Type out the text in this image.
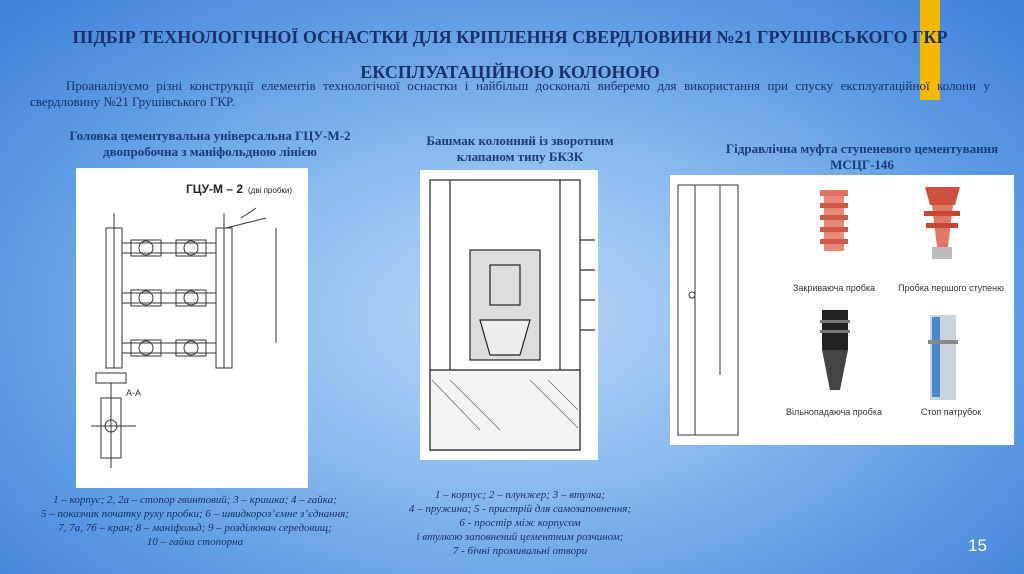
ПІДБІР ТЕХНОЛОГІЧНОЇ ОСНАСТКИ ДЛЯ КРІПЛЕННЯ СВЕРДЛОВИНИ №21 ГРУШІВСЬКОГО ГКР
ЕКСПЛУАТАЦІЙНОЮ КОЛОНОЮ

Проаналізуємо різні конструкції елементів технологічної оснастки і найбільш досконалі виберемо для використання при спуску експлуатаційної колони у свердловину №21 Грушівського ГКР.

Головка цементувальна універсальна ГЦУ-М-2
двопробочна з маніфольдною лінією
ГЦУ-М – 2 (дві пробки)
А-А
1 – корпус; 2, 2а – стопор гвинтовий; 3 – кришка; 4 – гайка;
5 – показчик початку руху пробки; 6 – швидкороз’ємне з’єднання;
7, 7а, 7б – кран; 8 – маніфольд; 9 – розділювач середовищ;
10 – гайка стопорна
Башмак колонний із зворотним
клапаном типу БКЗК
1 – корпус; 2 – плунжер; 3 – втулка;
4 – пружина; 5 - пристрій для самозаповнення;
6 - простір між корпусом
і втулкою заповнений цементним розчином;
7 - бічні промивальні отвори
Гідравлічна муфта ступеневого цементування
МСЦГ-146
Закриваюча пробка	Пробка першого ступеню
Вільнопадаюча пробка	Стоп патрубок
15
